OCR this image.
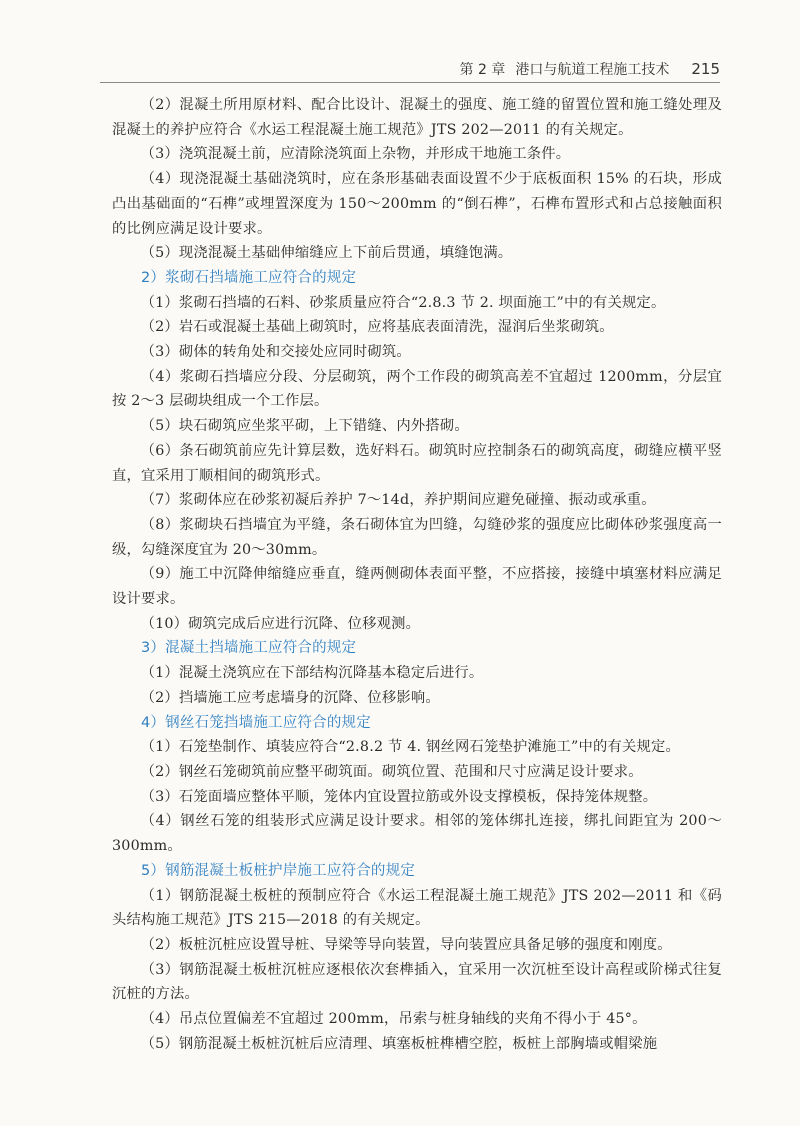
第 2 章 港口与航道工程施工技术 215

（2）混凝土所用原材料、配合比设计、混凝土的强度、施工缝的留置位置和施工缝处理及混凝土的养护应符合《水运工程混凝土施工规范》JTS 202—2011 的有关规定。

（3）浇筑混凝土前，应清除浇筑面上杂物，并形成干地施工条件。

（4）现浇混凝土基础浇筑时，应在条形基础表面设置不少于底板面积 15% 的石块，形成凸出基础面的“石榫”或埋置深度为 150～200mm 的“倒石榫”，石榫布置形式和占总接触面积的比例应满足设计要求。

（5）现浇混凝土基础伸缩缝应上下前后贯通，填缝饱满。

2）浆砌石挡墙施工应符合的规定

（1）浆砌石挡墙的石料、砂浆质量应符合“2.8.3 节 2. 坝面施工”中的有关规定。

（2）岩石或混凝土基础上砌筑时，应将基底表面清洗，湿润后坐浆砌筑。

（3）砌体的转角处和交接处应同时砌筑。

（4）浆砌石挡墙应分段、分层砌筑，两个工作段的砌筑高差不宜超过 1200mm，分层宜按 2～3 层砌块组成一个工作层。

（5）块石砌筑应坐浆平砌，上下错缝、内外搭砌。

（6）条石砌筑前应先计算层数，选好料石。砌筑时应控制条石的砌筑高度，砌缝应横平竖直，宜采用丁顺相间的砌筑形式。

（7）浆砌体应在砂浆初凝后养护 7～14d，养护期间应避免碰撞、振动或承重。

（8）浆砌块石挡墙宜为平缝，条石砌体宜为凹缝，勾缝砂浆的强度应比砌体砂浆强度高一级，勾缝深度宜为 20～30mm。

（9）施工中沉降伸缩缝应垂直，缝两侧砌体表面平整，不应搭接，接缝中填塞材料应满足设计要求。

（10）砌筑完成后应进行沉降、位移观测。

3）混凝土挡墙施工应符合的规定

（1）混凝土浇筑应在下部结构沉降基本稳定后进行。

（2）挡墙施工应考虑墙身的沉降、位移影响。

4）钢丝石笼挡墙施工应符合的规定

（1）石笼垫制作、填装应符合“2.8.2 节 4. 钢丝网石笼垫护滩施工”中的有关规定。

（2）钢丝石笼砌筑前应整平砌筑面。砌筑位置、范围和尺寸应满足设计要求。

（3）石笼面墙应整体平顺，笼体内宜设置拉筋或外设支撑模板，保持笼体规整。

（4）钢丝石笼的组装形式应满足设计要求。相邻的笼体绑扎连接，绑扎间距宜为 200～300mm。

5）钢筋混凝土板桩护岸施工应符合的规定

（1）钢筋混凝土板桩的预制应符合《水运工程混凝土施工规范》JTS 202—2011 和《码头结构施工规范》JTS 215—2018 的有关规定。

（2）板桩沉桩应设置导桩、导梁等导向装置，导向装置应具备足够的强度和刚度。

（3）钢筋混凝土板桩沉桩应逐根依次套榫插入，宜采用一次沉桩至设计高程或阶梯式往复沉桩的方法。

（4）吊点位置偏差不宜超过 200mm，吊索与桩身轴线的夹角不得小于 45°。

（5）钢筋混凝土板桩沉桩后应清理、填塞板桩榫槽空腔，板桩上部胸墙或帽梁施
